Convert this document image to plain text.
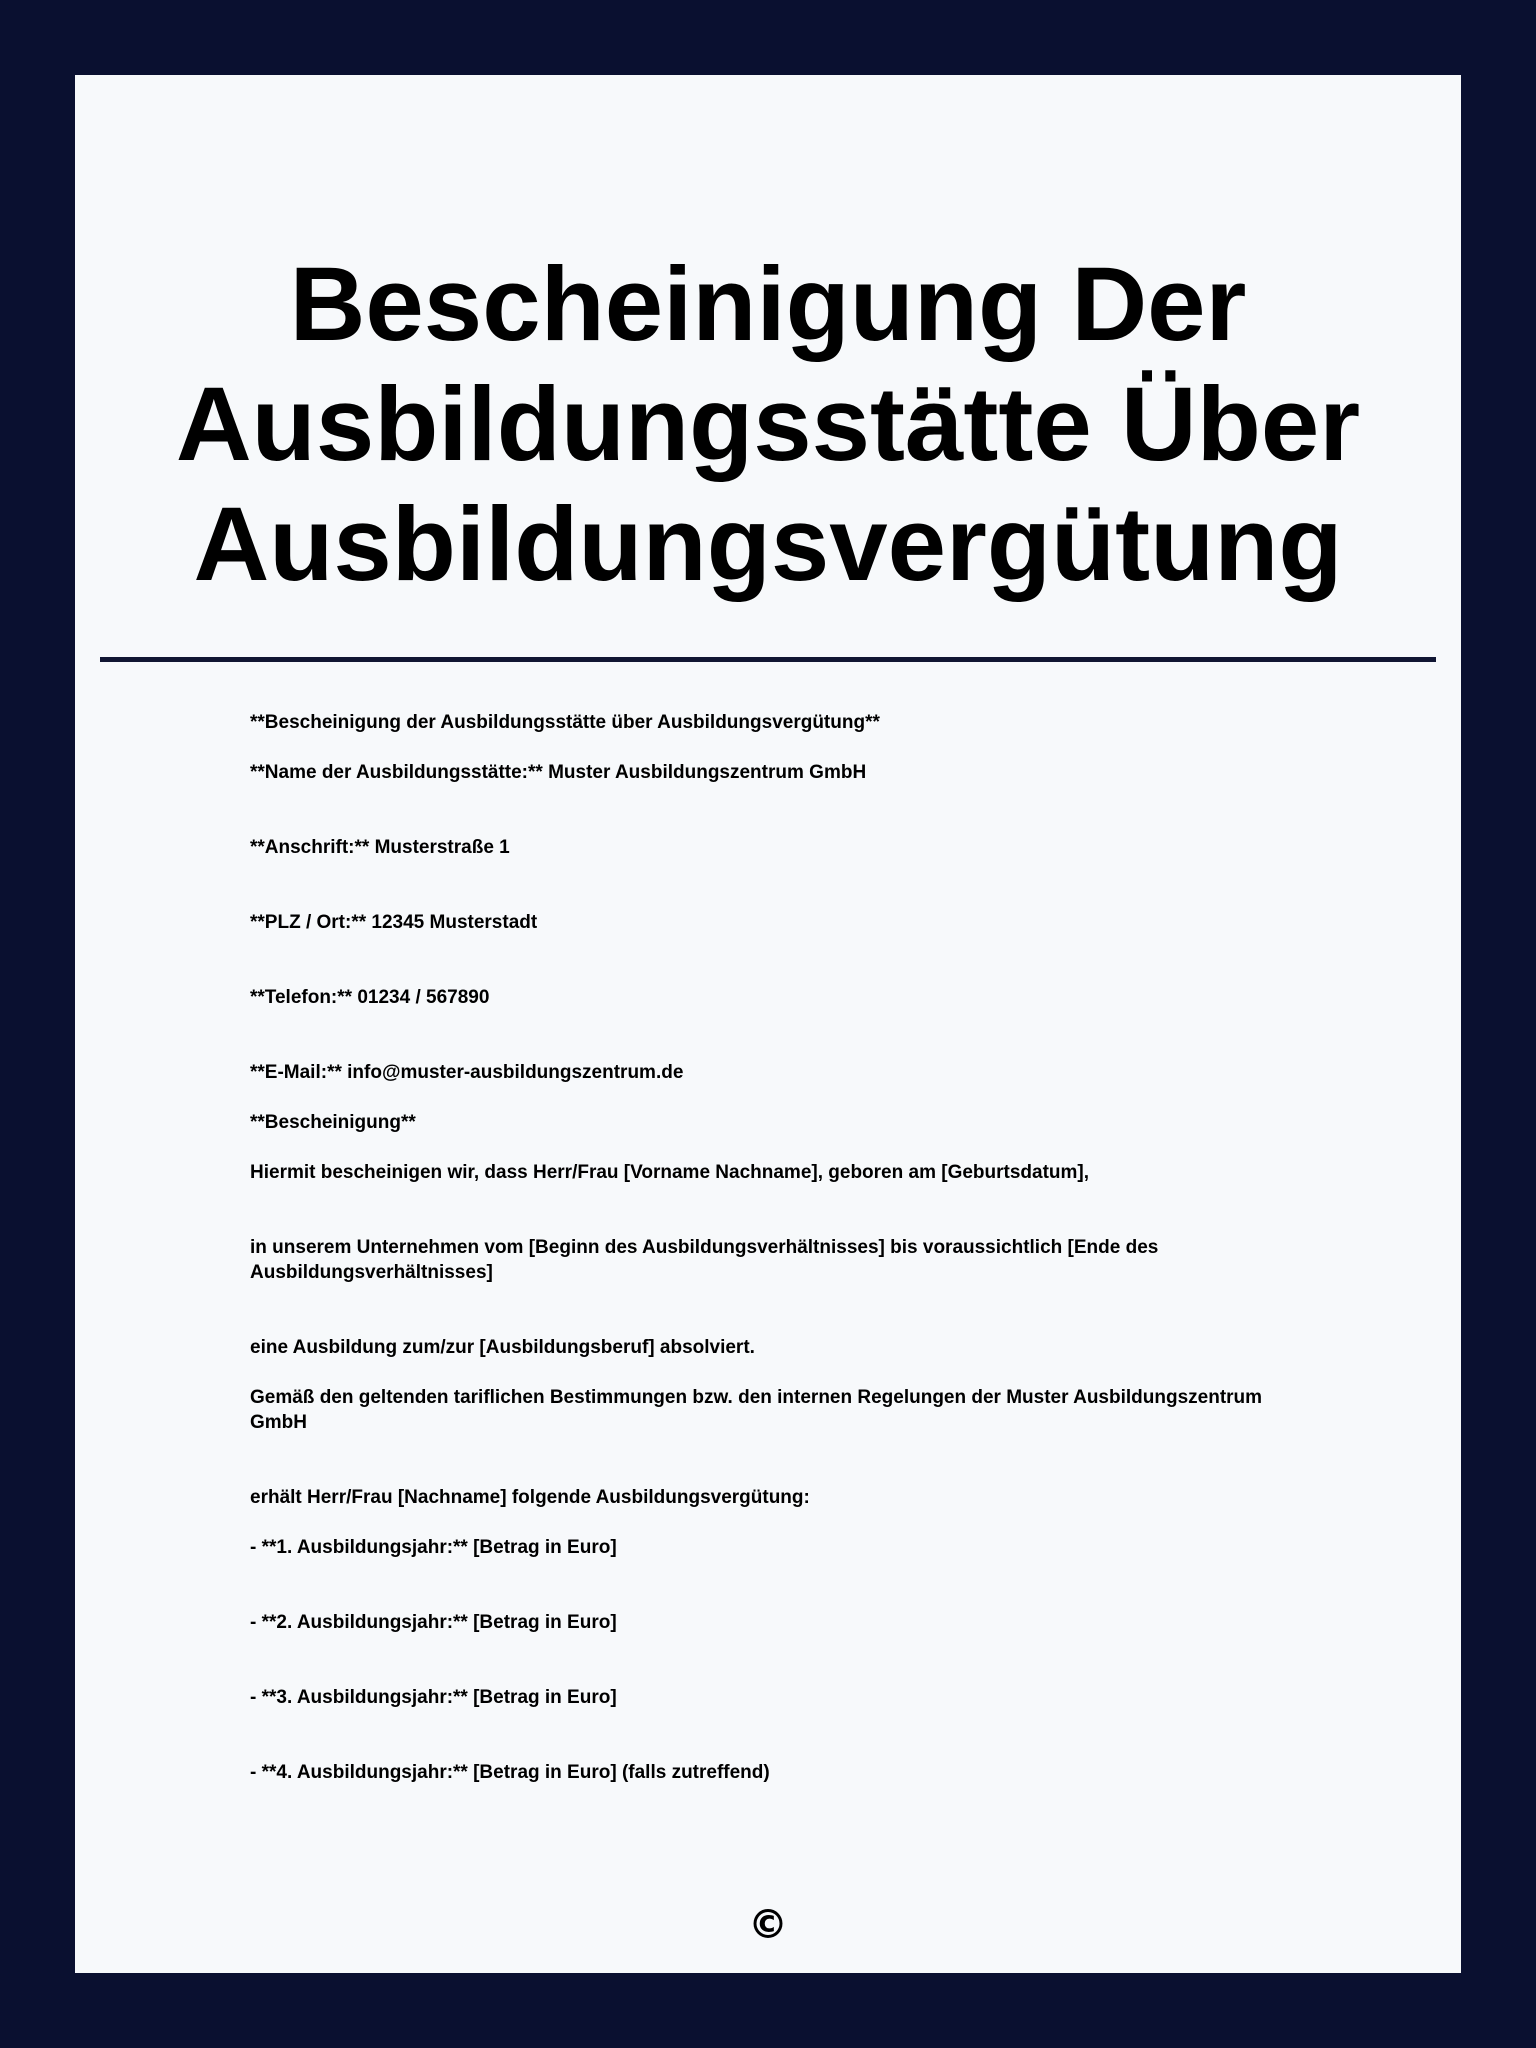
Bescheinigung Der Ausbildungsstätte Über Ausbildungsvergütung

**Bescheinigung der Ausbildungsstätte über Ausbildungsvergütung**

**Name der Ausbildungsstätte:** Muster Ausbildungszentrum GmbH

**Anschrift:** Musterstraße 1

**PLZ / Ort:** 12345 Musterstadt

**Telefon:** 01234 / 567890

**E-Mail:** info@muster-ausbildungszentrum.de

**Bescheinigung**

Hiermit bescheinigen wir, dass Herr/Frau [Vorname Nachname], geboren am [Geburtsdatum],

in unserem Unternehmen vom [Beginn des Ausbildungsverhältnisses] bis voraussichtlich [Ende des Ausbildungsverhältnisses]

eine Ausbildung zum/zur [Ausbildungsberuf] absolviert.

Gemäß den geltenden tariflichen Bestimmungen bzw. den internen Regelungen der Muster Ausbildungszentrum GmbH

erhält Herr/Frau [Nachname] folgende Ausbildungsvergütung:

- **1. Ausbildungsjahr:** [Betrag in Euro]

- **2. Ausbildungsjahr:** [Betrag in Euro]

- **3. Ausbildungsjahr:** [Betrag in Euro]

- **4. Ausbildungsjahr:** [Betrag in Euro] (falls zutreffend)

©
